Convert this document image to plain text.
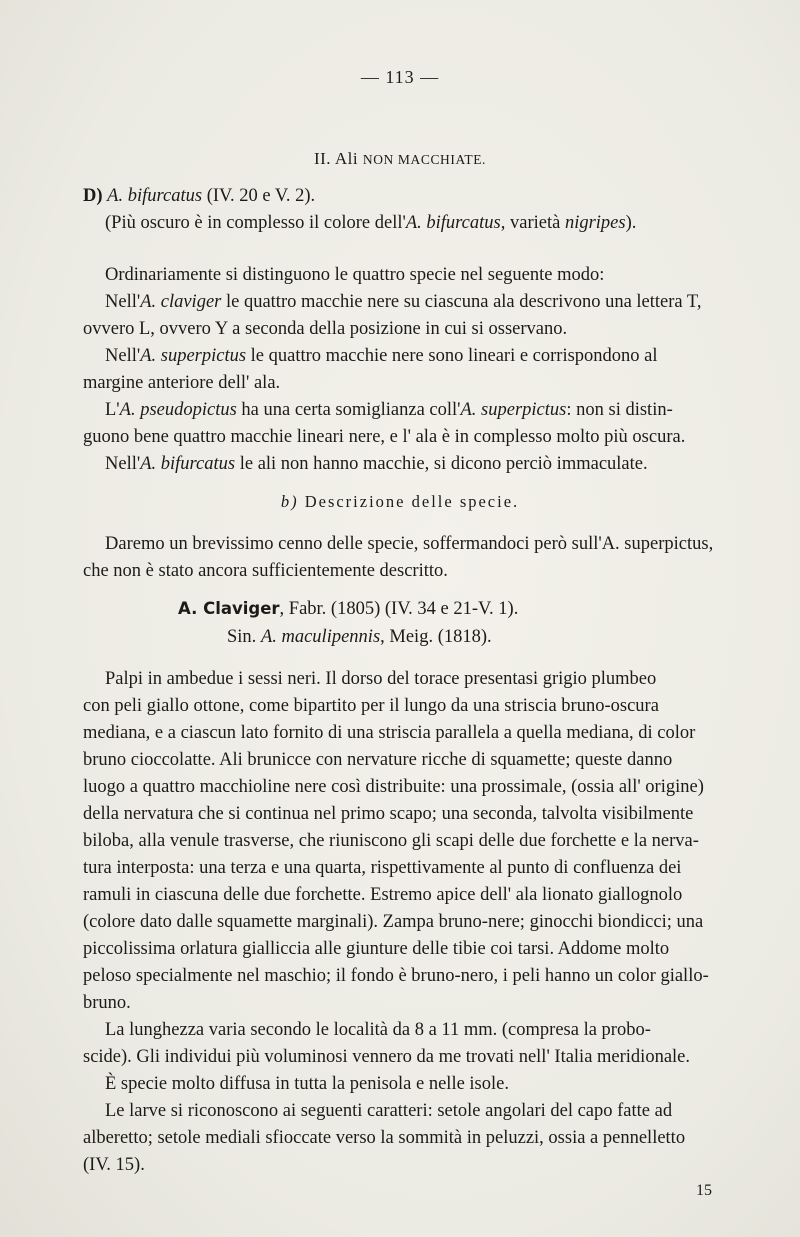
— 113 —
II. Ali NON MACCHIATE.
D) A. bifurcatus (IV. 20 e V. 2).
(Più oscuro è in complesso il colore dell'A. bifurcatus, varietà nigripes).
Ordinariamente si distinguono le quattro specie nel seguente modo:
Nell'A. claviger le quattro macchie nere su ciascuna ala descrivono una lettera T,
ovvero L, ovvero Y a seconda della posizione in cui si osservano.
Nell'A. superpictus le quattro macchie nere sono lineari e corrispondono al
margine anteriore dell' ala.
L'A. pseudopictus ha una certa somiglianza coll'A. superpictus: non si distin-
guono bene quattro macchie lineari nere, e l' ala è in complesso molto più oscura.
Nell'A. bifurcatus le ali non hanno macchie, si dicono perciò immaculate.
b) Descrizione delle specie.
Daremo un brevissimo cenno delle specie, soffermandoci però sull'A. superpictus,
che non è stato ancora sufficientemente descritto.
A. Claviger, Fabr. (1805) (IV. 34 e 21-V. 1).
Sin. A. maculipennis, Meig. (1818).
Palpi in ambedue i sessi neri. Il dorso del torace presentasi grigio plumbeo
con peli giallo ottone, come bipartito per il lungo da una striscia bruno-oscura
mediana, e a ciascun lato fornito di una striscia parallela a quella mediana, di color
bruno cioccolatte. Ali brunicce con nervature ricche di squamette; queste danno
luogo a quattro macchioline nere così distribuite: una prossimale, (ossia all' origine)
della nervatura che si continua nel primo scapo; una seconda, talvolta visibilmente
biloba, alla venule trasverse, che riuniscono gli scapi delle due forchette e la nerva-
tura interposta: una terza e una quarta, rispettivamente al punto di confluenza dei
ramuli in ciascuna delle due forchette. Estremo apice dell' ala lionato giallognolo
(colore dato dalle squamette marginali). Zampa bruno-nere; ginocchi biondicci; una
piccolissima orlatura gialliccia alle giunture delle tibie coi tarsi. Addome molto
peloso specialmente nel maschio; il fondo è bruno-nero, i peli hanno un color giallo-
bruno.
La lunghezza varia secondo le località da 8 a 11 mm. (compresa la probo-
scide). Gli individui più voluminosi vennero da me trovati nell' Italia meridionale.
È specie molto diffusa in tutta la penisola e nelle isole.
Le larve si riconoscono ai seguenti caratteri: setole angolari del capo fatte ad
alberetto; setole mediali sfioccate verso la sommità in peluzzi, ossia a pennelletto
(IV. 15).
15
